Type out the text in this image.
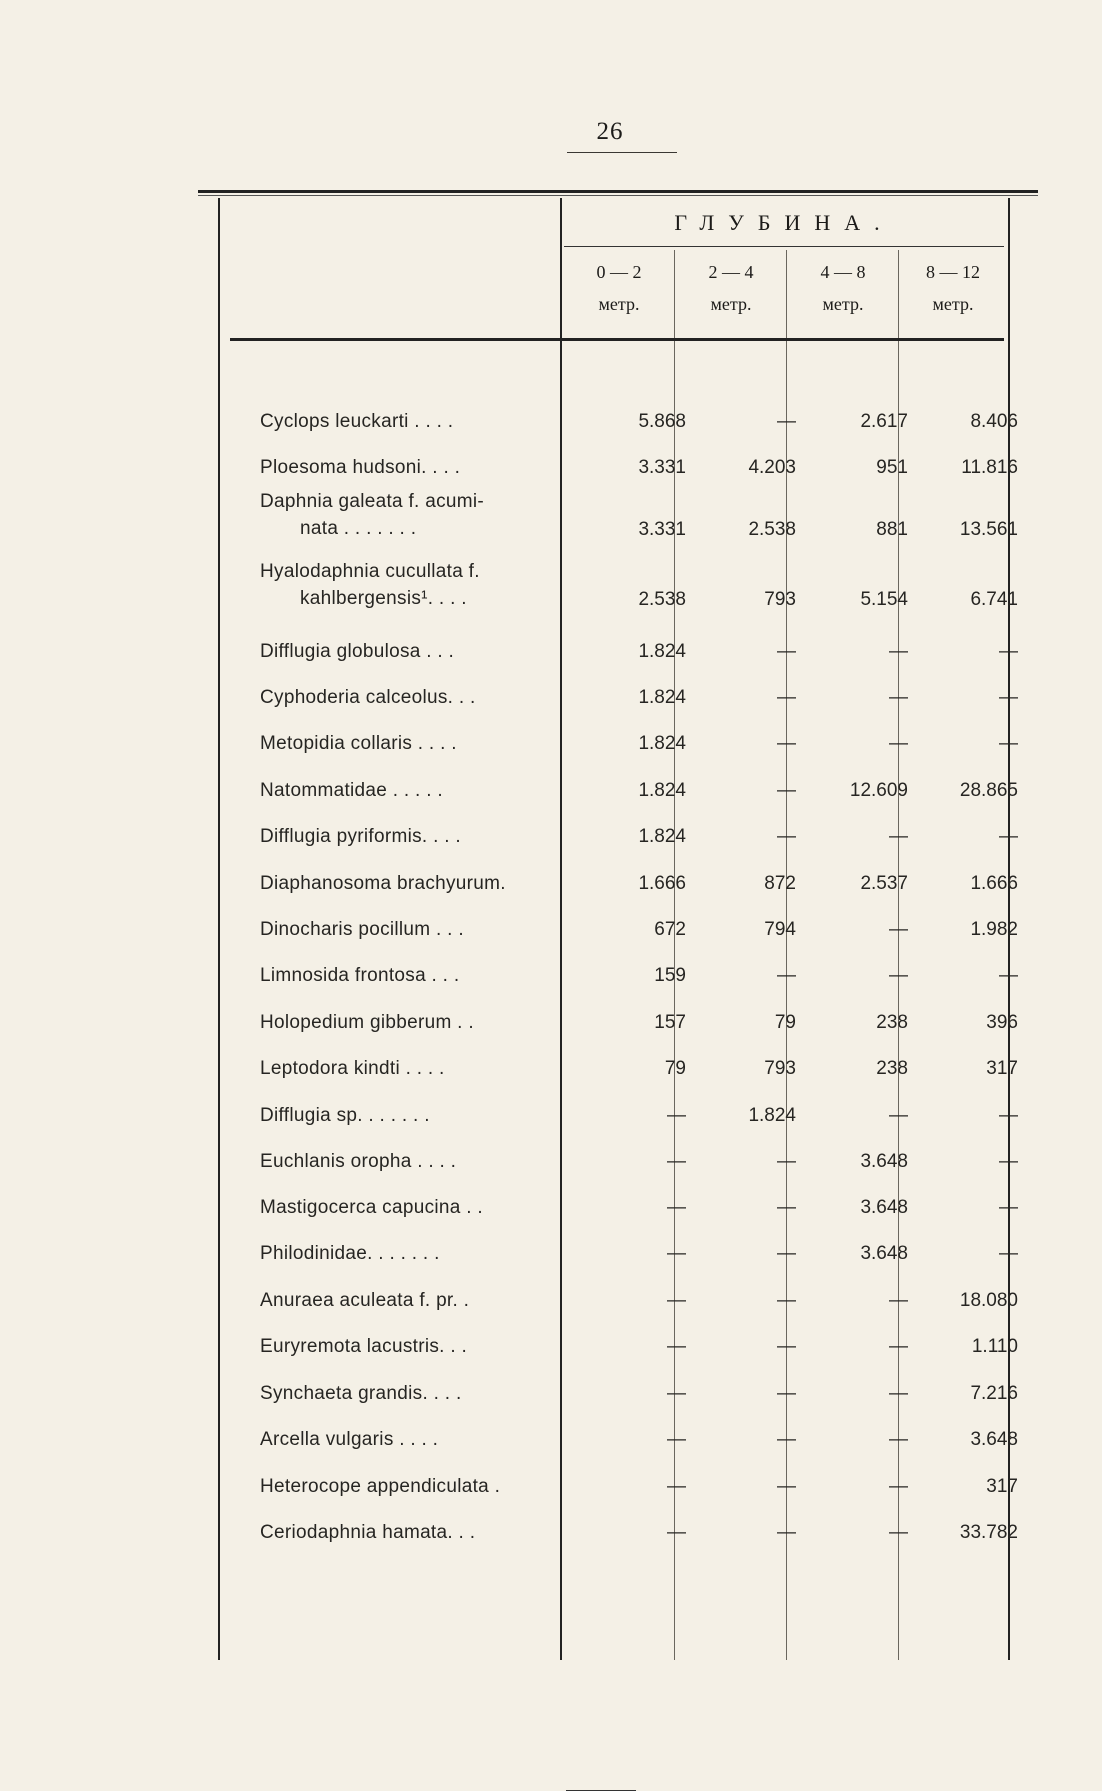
26
ГЛУБИНА.
0 — 2
метр.
2 — 4
метр.
4 — 8
метр.
8 — 12
метр.
Cyclops leuckarti . . . .	5.868	—	2.617	8.406
Ploesoma hudsoni. . . .	3.331	4.203	951	11.816
Daphnia galeata f. acumi-
nata . . . . . . .	3.331	2.538	881	13.561
Hyalodaphnia cucullata f.
kahlbergensis¹. . . .	2.538	793	5.154	6.741
Difflugia globulosa . . .	1.824	—	—	—
Cyphoderia calceolus. . .	1.824	—	—	—
Metopidia collaris . . . .	1.824	—	—	—
Natommatidae . . . . .	1.824	—	12.609	28.865
Difflugia pyriformis. . . .	1.824	—	—	—
Diaphanosoma brachyurum.	1.666	872	2.537	1.666
Dinocharis pocillum . . .	672	794	—	1.982
Limnosida frontosa . . .	159	—	—	—
Holopedium gibberum . .	157	79	238	396
Leptodora kindti . . . .	79	793	238	317
Difflugia sp. . . . . . .	—	1.824	—	—
Euchlanis oropha . . . .	—	—	3.648	—
Mastigocerca capucina . .	—	—	3.648	—
Philodinidae. . . . . . .	—	—	3.648	—
Anuraea aculeata f. pr. .	—	—	—	18.080
Euryremota lacustris. . .	—	—	—	1.110
Synchaeta grandis. . . .	—	—	—	7.216
Arcella vulgaris . . . .	—	—	—	3.648
Heterocope appendiculata .	—	—	—	317
Ceriodaphnia hamata. . .	—	—	—	33.782
